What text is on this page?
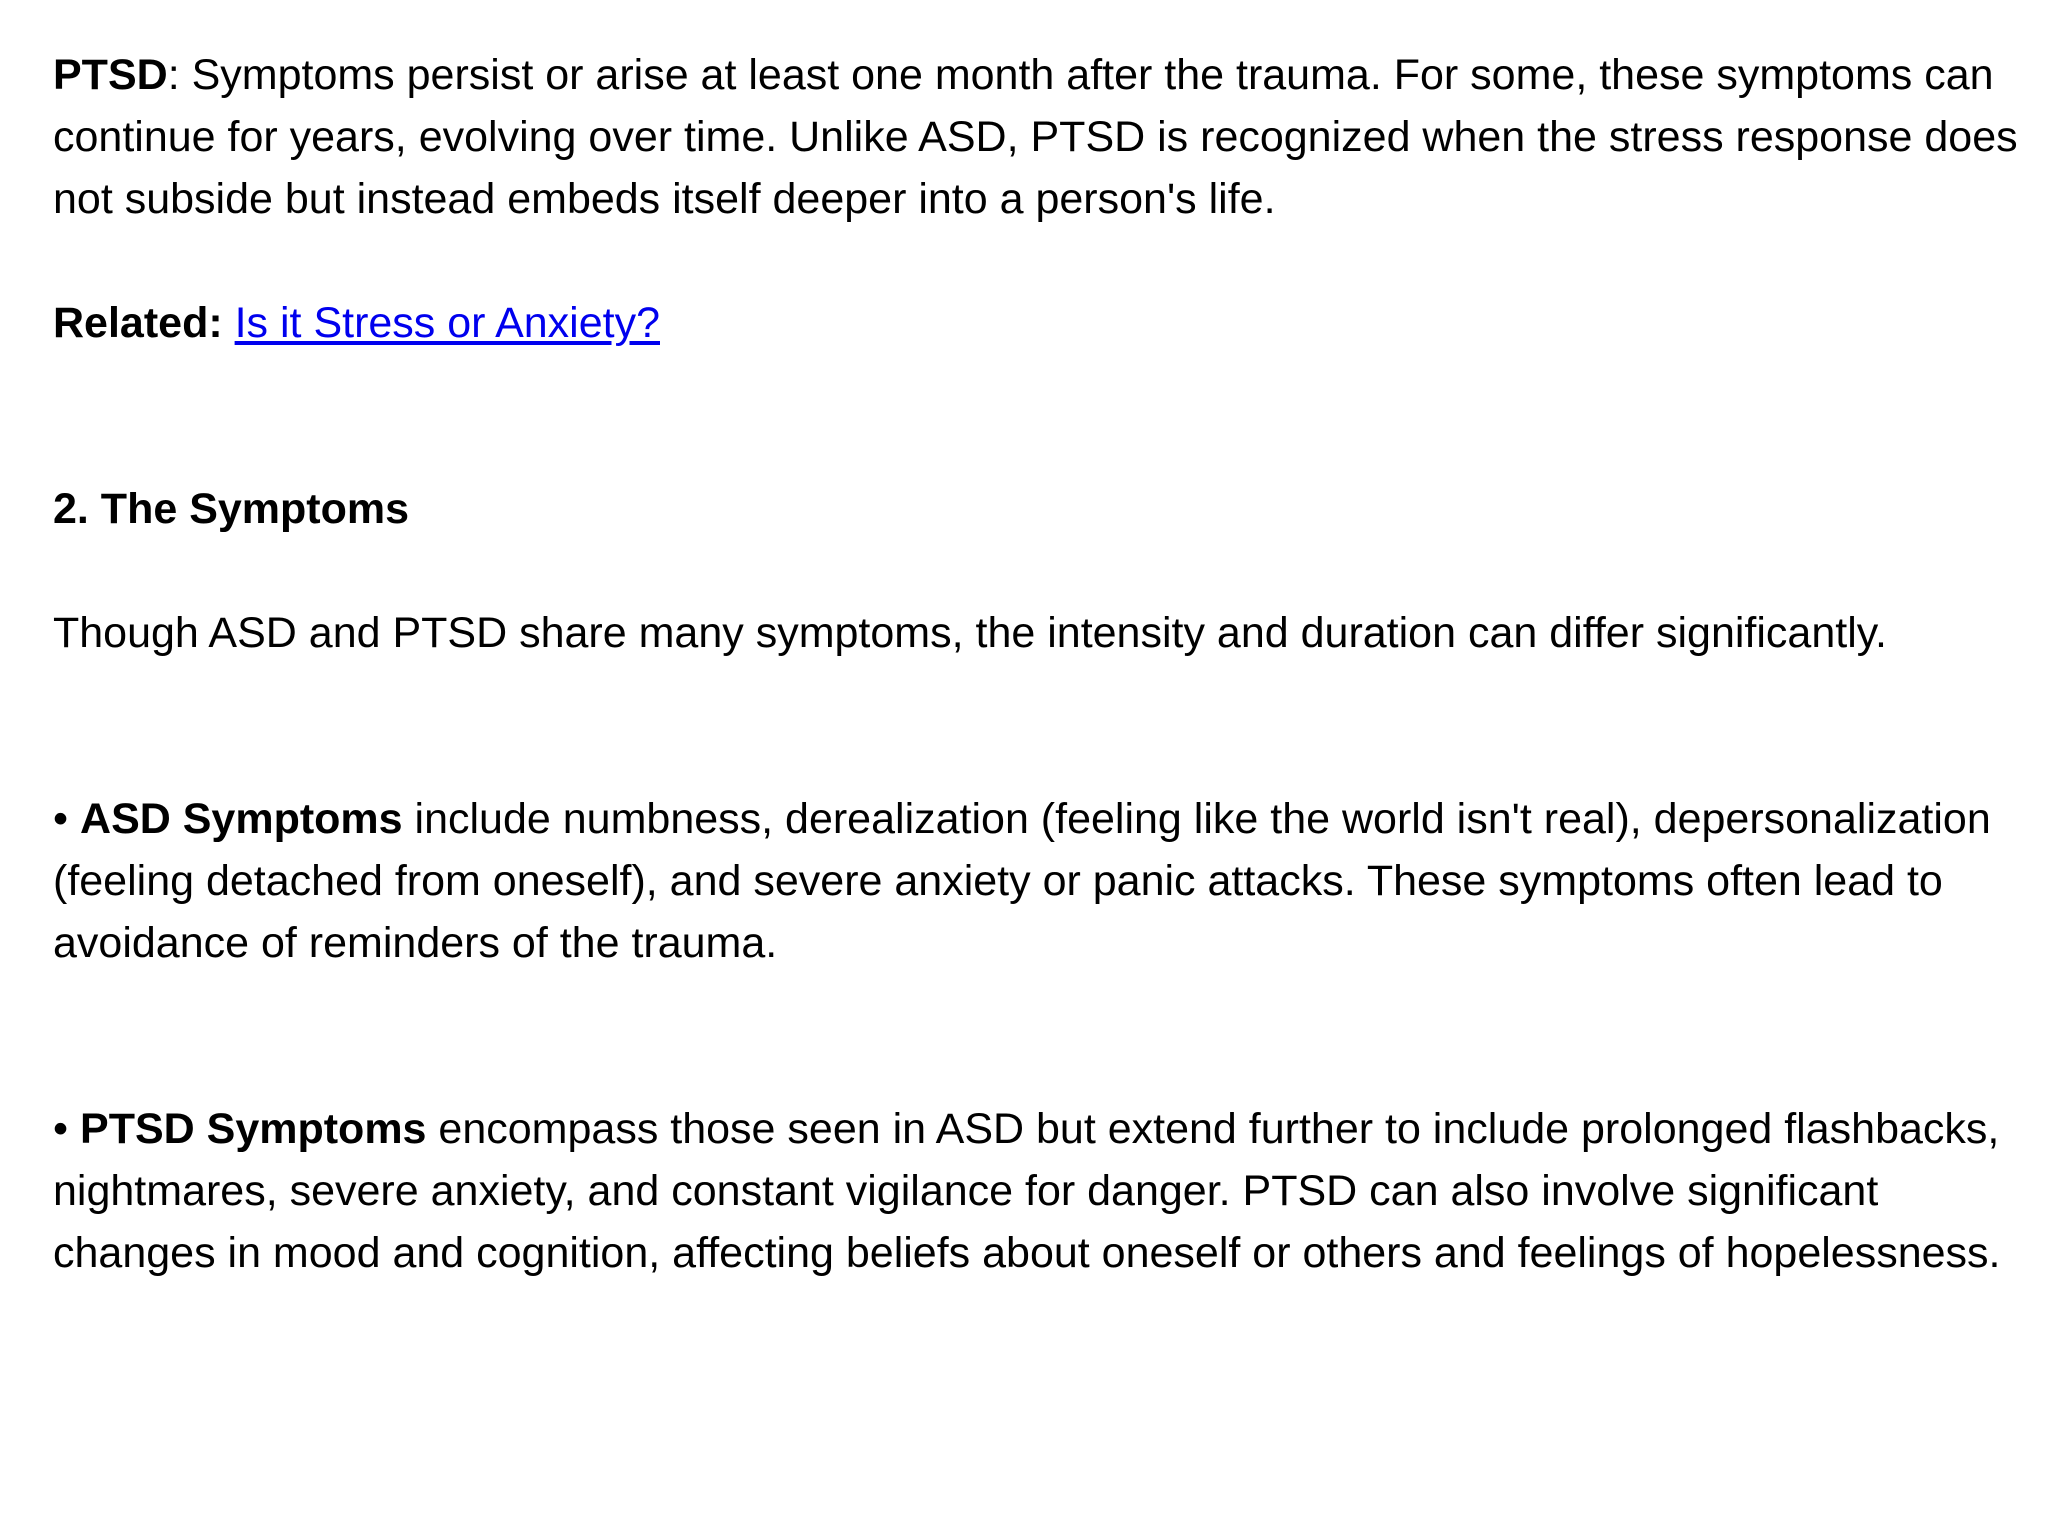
PTSD: Symptoms persist or arise at least one month after the trauma. For some, these symptoms can continue for years, evolving over time. Unlike ASD, PTSD is recognized when the stress response does not subside but instead embeds itself deeper into a person's life.

Related: Is it Stress or Anxiety?

2. The Symptoms

Though ASD and PTSD share many symptoms, the intensity and duration can differ significantly.

• ASD Symptoms include numbness, derealization (feeling like the world isn't real), depersonalization (feeling detached from oneself), and severe anxiety or panic attacks. These symptoms often lead to avoidance of reminders of the trauma.

• PTSD Symptoms encompass those seen in ASD but extend further to include prolonged flashbacks, nightmares, severe anxiety, and constant vigilance for danger. PTSD can also involve significant changes in mood and cognition, affecting beliefs about oneself or others and feelings of hopelessness.
